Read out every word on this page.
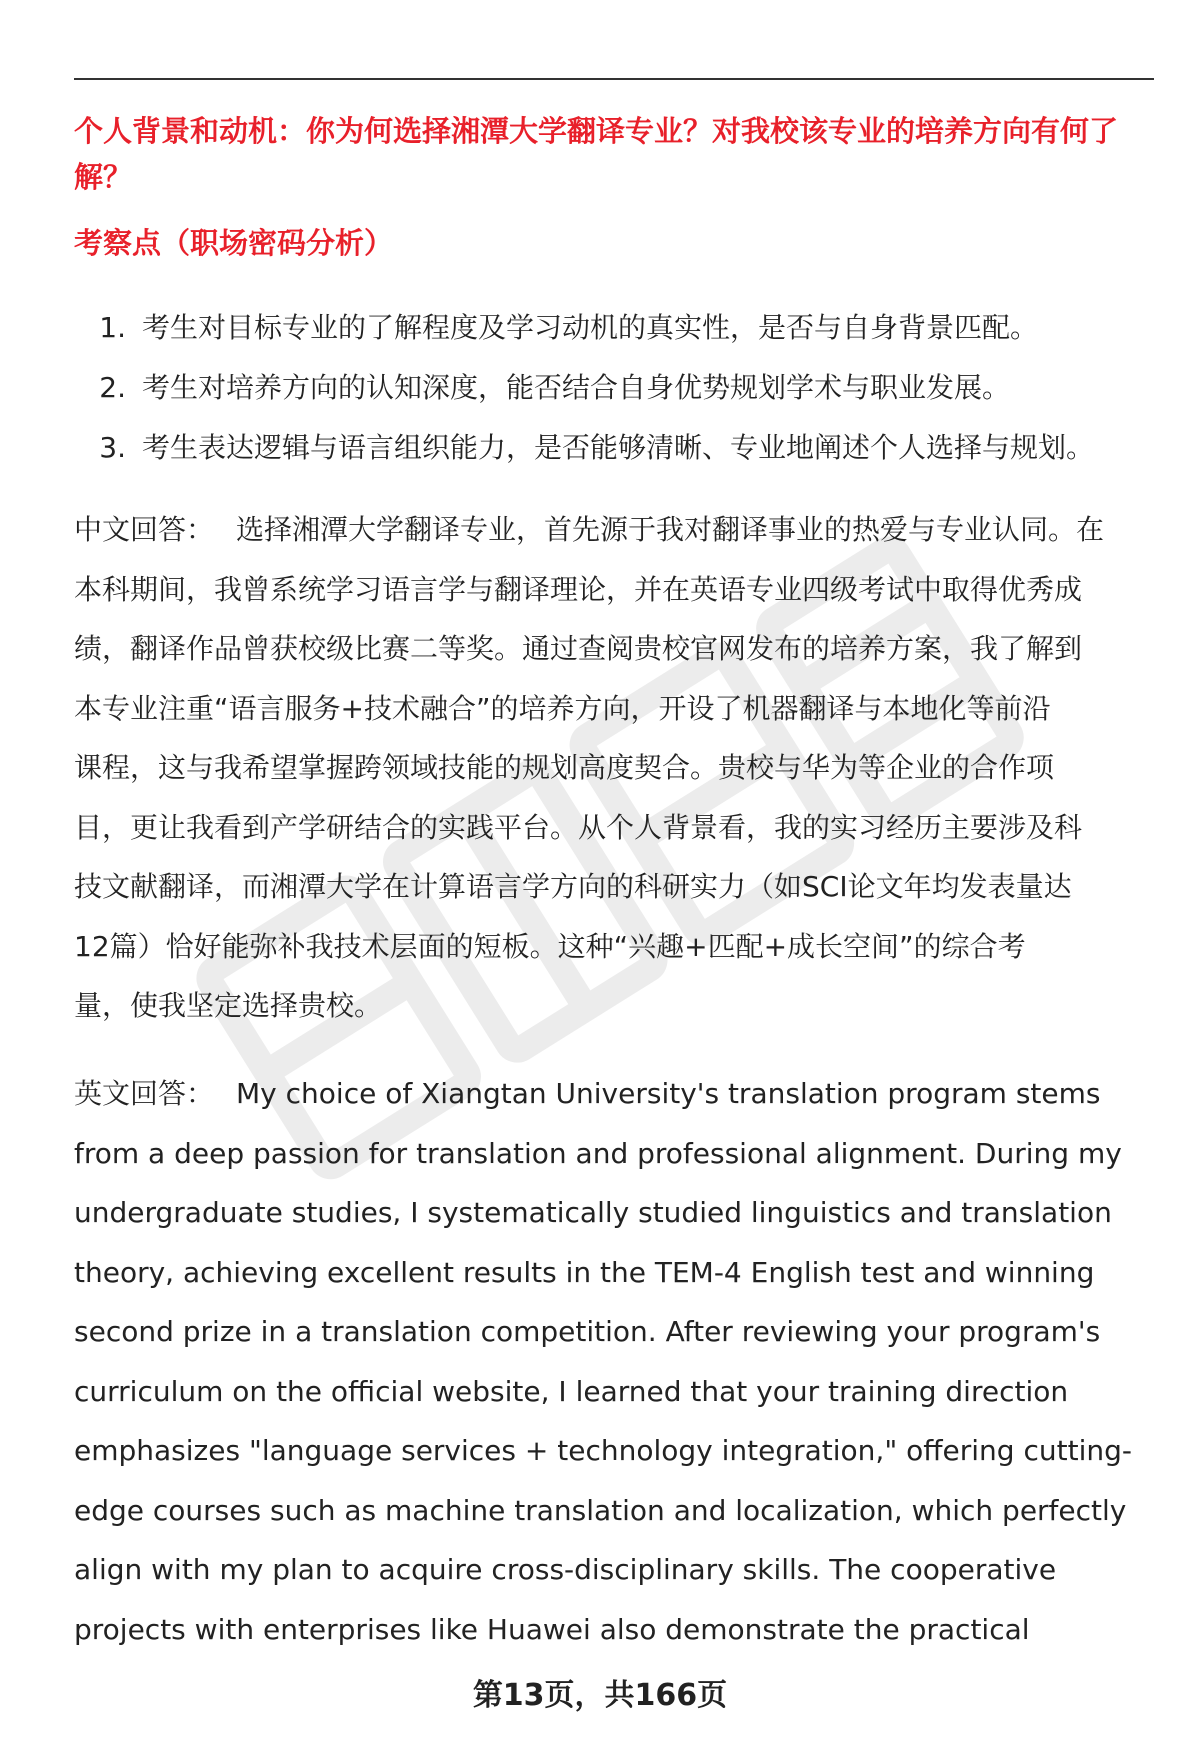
个人背景和动机：你为何选择湘潭大学翻译专业？对我校该专业的培养方向有何了
解？
考察点（职场密码分析）
1. 考生对目标专业的了解程度及学习动机的真实性，是否与自身背景匹配。
2. 考生对培养方向的认知深度，能否结合自身优势规划学术与职业发展。
3. 考生表达逻辑与语言组织能力，是否能够清晰、专业地阐述个人选择与规划。
中文回答： 选择湘潭大学翻译专业，首先源于我对翻译事业的热爱与专业认同。在
本科期间，我曾系统学习语言学与翻译理论，并在英语专业四级考试中取得优秀成
绩，翻译作品曾获校级比赛二等奖。通过查阅贵校官网发布的培养方案，我了解到
本专业注重“语言服务+技术融合”的培养方向，开设了机器翻译与本地化等前沿
课程，这与我希望掌握跨领域技能的规划高度契合。贵校与华为等企业的合作项
目，更让我看到产学研结合的实践平台。从个人背景看，我的实习经历主要涉及科
技文献翻译，而湘潭大学在计算语言学方向的科研实力（如SCI论文年均发表量达
12篇）恰好能弥补我技术层面的短板。这种“兴趣+匹配+成长空间”的综合考
量，使我坚定选择贵校。
英文回答： My choice of Xiangtan University's translation program stems
from a deep passion for translation and professional alignment. During my
undergraduate studies, I systematically studied linguistics and translation
theory, achieving excellent results in the TEM-4 English test and winning
second prize in a translation competition. After reviewing your program's
curriculum on the official website, I learned that your training direction
emphasizes "language services + technology integration," offering cutting-
edge courses such as machine translation and localization, which perfectly
align with my plan to acquire cross-disciplinary skills. The cooperative
projects with enterprises like Huawei also demonstrate the practical

第13页，共166页
